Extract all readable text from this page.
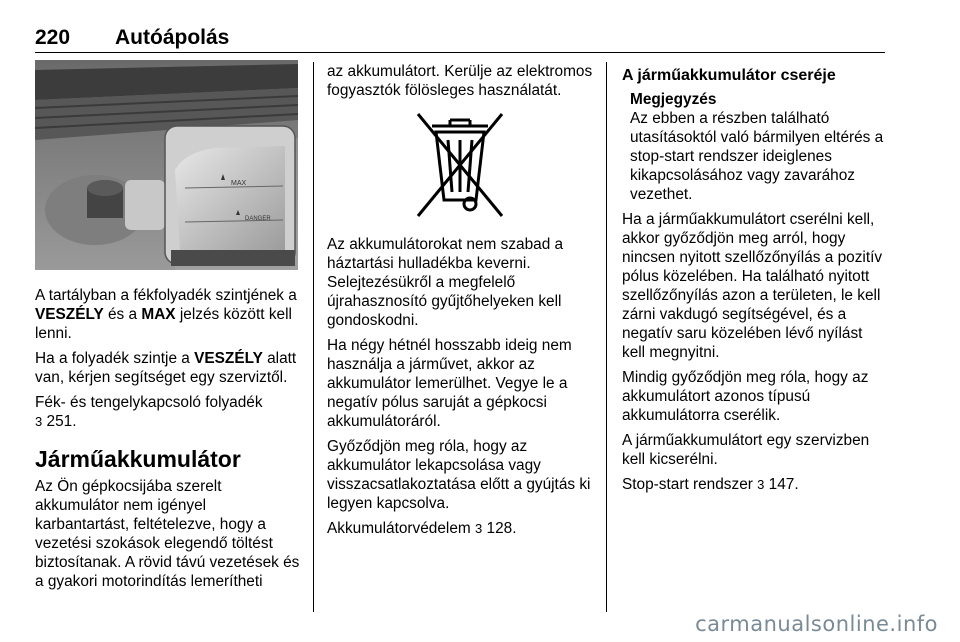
220 Autóápolás
MAX
DANGER

A tartályban a fékfolyadék szintjének a VESZÉLY és a MAX jelzés között kell lenni.

Ha a folyadék szintje a VESZÉLY alatt van, kérjen segítséget egy szerviztől.

Fék- és tengelykapcsoló folyadék
3 251.

Járműakkumulátor

Az Ön gépkocsijába szerelt akkumulátor nem igényel karbantartást, feltételezve, hogy a vezetési szokások elegendő töltést biztosítanak. A rövid távú vezetések és a gyakori motorindítás lemerítheti

az akkumulátort. Kerülje az elektromos fogyasztók fölösleges használatát.

Az akkumulátorokat nem szabad a háztartási hulladékba keverni. Selejtezésükről a megfelelő újrahasznosító gyűjtőhelyeken kell gondoskodni.

Ha négy hétnél hosszabb ideig nem használja a járművet, akkor az akkumulátor lemerülhet. Vegye le a negatív pólus saruját a gépkocsi akkumulátoráról.

Győződjön meg róla, hogy az akkumulátor lekapcsolása vagy visszacsatlakoztatása előtt a gyújtás ki legyen kapcsolva.

Akkumulátorvédelem 3 128.

A járműakkumulátor cseréje
Megjegyzés

Az ebben a részben található utasításoktól való bármilyen eltérés a stop-start rendszer ideiglenes kikapcsolásához vagy zavarához vezethet.

Ha a járműakkumulátort cserélni kell, akkor győződjön meg arról, hogy nincsen nyitott szellőzőnyílás a pozitív pólus közelében. Ha található nyitott szellőzőnyílás azon a területen, le kell zárni vakdugó segítségével, és a negatív saru közelében lévő nyílást kell megnyitni.

Mindig győződjön meg róla, hogy az akkumulátort azonos típusú akkumulátorra cserélik.

A járműakkumulátort egy szervizben kell kicserélni.

Stop-start rendszer 3 147.

carmanualsonline.info
